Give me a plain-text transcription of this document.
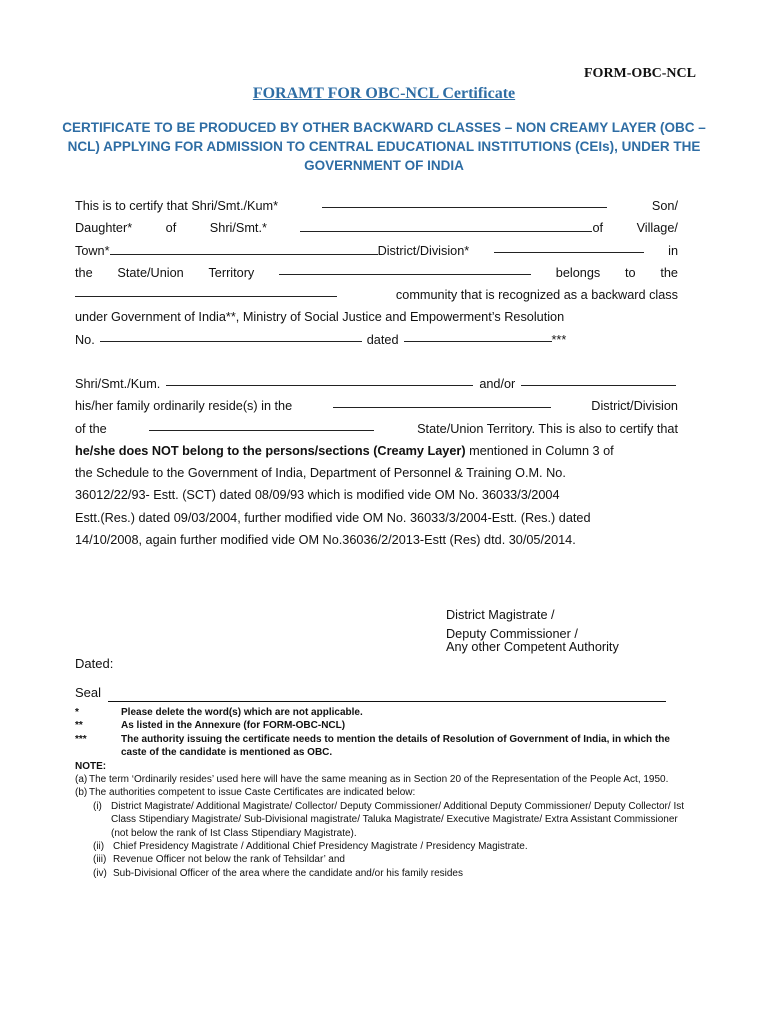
FORM-OBC-NCL
FORAMT FOR OBC-NCL Certificate
CERTIFICATE TO BE PRODUCED BY OTHER BACKWARD CLASSES – NON CREAMY LAYER (OBC – NCL) APPLYING FOR ADMISSION TO CENTRAL EDUCATIONAL INSTITUTIONS (CEIs), UNDER THE GOVERNMENT OF INDIA
This is to certify that Shri/Smt./Kum*	Son/
Daughter*	of	Shri/Smt.*	of	Village/
Town*	District/Division*	in
the State/Union Territory	belongs to the
community that is recognized as a backward class
under Government of India**, Ministry of Social Justice and Empowerment’s Resolution
No.	dated	***
Shri/Smt./Kum.	and/or
his/her family ordinarily reside(s) in the	District/Division
of the	State/Union Territory. This is also to certify that
he/she does NOT belong to the persons/sections (Creamy Layer) mentioned in Column 3 of
the Schedule to the Government of India, Department of Personnel & Training O.M. No.
36012/22/93- Estt. (SCT) dated 08/09/93 which is modified vide OM No. 36033/3/2004
Estt.(Res.) dated 09/03/2004, further modified vide OM No. 36033/3/2004-Estt. (Res.) dated
14/10/2008, again further modified vide OM No.36036/2/2013-Estt (Res) dtd. 30/05/2014.
District Magistrate /
Deputy Commissioner /
Any other Competent Authority
Dated:
Seal
*	Please delete the word(s) which are not applicable.
**	As listed in the Annexure (for FORM-OBC-NCL)
***	The authority issuing the certificate needs to mention the details of Resolution of Government of India, in which the caste of the candidate is mentioned as OBC.
NOTE:
(a) The term ‘Ordinarily resides’ used here will have the same meaning as in Section 20 of the Representation of the People Act, 1950.
(b) The authorities competent to issue Caste Certificates are indicated below:
(i) District Magistrate/ Additional Magistrate/ Collector/ Deputy Commissioner/ Additional Deputy Commissioner/ Deputy Collector/ Ist Class Stipendiary Magistrate/ Sub-Divisional magistrate/ Taluka Magistrate/ Executive Magistrate/ Extra Assistant Commissioner (not below the rank of Ist Class Stipendiary Magistrate).
(ii) Chief Presidency Magistrate / Additional Chief Presidency Magistrate / Presidency Magistrate.
(iii) Revenue Officer not below the rank of Tehsildar’ and
(iv) Sub-Divisional Officer of the area where the candidate and/or his family resides
